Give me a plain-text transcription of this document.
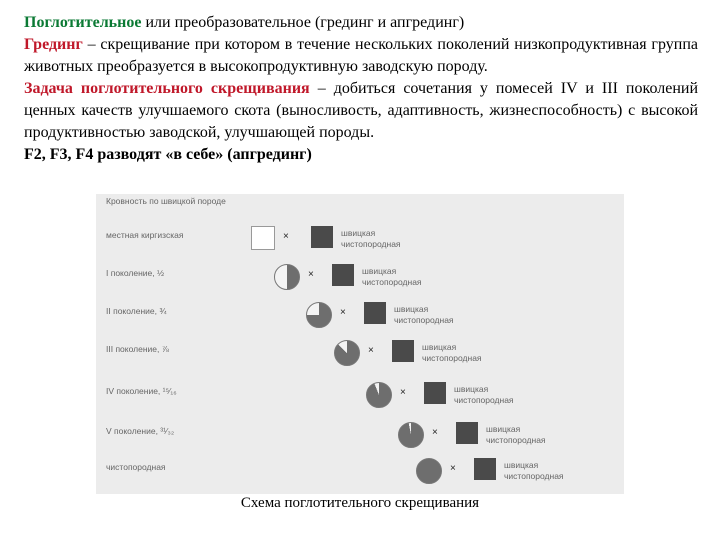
Поглотительное или преобразовательное (грединг и апгрединг)

Грединг – скрещивание при котором в течение нескольких поколений низкопродуктивная группа животных преобразуется в высокопродуктивную заводскую породу.

Задача поглотительного скрещивания – добиться сочетания у помесей IV и III поколений ценных качеств улучшаемого скота (выносливость, адаптивность, жизнеспособность) с высокой продуктивностью заводской, улучшающей породы.

F2, F3, F4 разводят «в себе» (апгрединг)

Кровность по швицкой породе
местная киргизская	×	швицкая чистопородная
I поколение, ½	×	швицкая чистопородная
II поколение, ¾	×	швицкая чистопородная
III поколение, ⅞	×	швицкая чистопородная
IV поколение, ¹⁵⁄₁₆	×	швицкая чистопородная
V поколение, ³¹⁄₃₂	×	швицкая чистопородная
чистопородная	×	швицкая чистопородная
Схема поглотительного скрещивания
